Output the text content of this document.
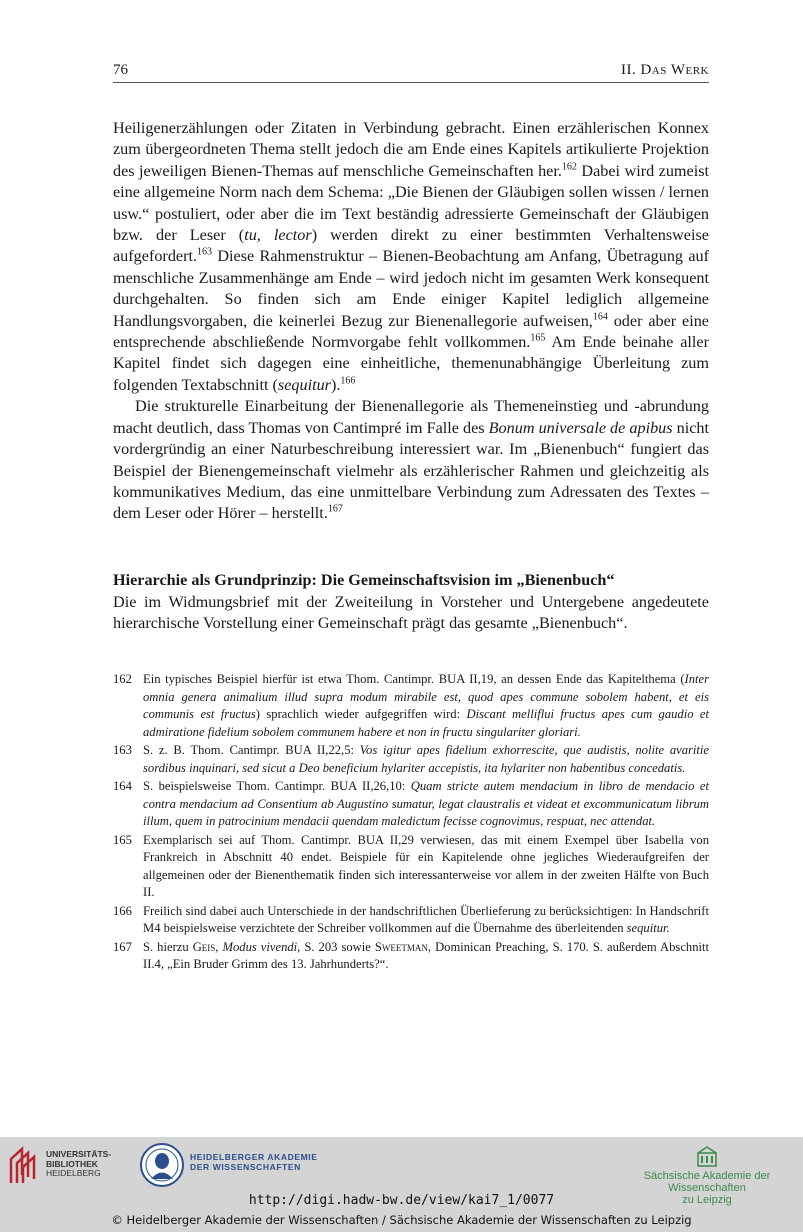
76	II. Das Werk

Heiligenerzählungen oder Zitaten in Verbindung gebracht. Einen erzählerischen Konnex zum übergeordneten Thema stellt jedoch die am Ende eines Kapitels artikulierte Projektion des jeweiligen Bienen-Themas auf menschliche Gemeinschaften her.$^{162}$ Dabei wird zumeist eine allgemeine Norm nach dem Schema: „Die Bienen der Gläubigen sollen wissen / lernen usw.“ postuliert, oder aber die im Text beständig adressierte Gemeinschaft der Gläubigen bzw. der Leser (tu, lector) werden direkt zu einer bestimmten Verhaltensweise aufgefordert.$^{163}$ Diese Rahmenstruktur – Bienen-Beobachtung am Anfang, Übetragung auf menschliche Zusammenhänge am Ende – wird jedoch nicht im gesamten Werk konsequent durchgehalten. So finden sich am Ende einiger Kapitel lediglich allgemeine Handlungsvorgaben, die keinerlei Bezug zur Bienenallegorie aufweisen,$^{164}$ oder aber eine entsprechende abschließende Normvorgabe fehlt vollkommen.$^{165}$ Am Ende beinahe aller Kapitel findet sich dagegen eine einheitliche, themenunabhängige Überleitung zum folgenden Textabschnitt (sequitur).$^{166}$

Die strukturelle Einarbeitung der Bienenallegorie als Themeneinstieg und -abrundung macht deutlich, dass Thomas von Cantimpré im Falle des Bonum universale de apibus nicht vordergründig an einer Naturbeschreibung interessiert war. Im „Bienenbuch“ fungiert das Beispiel der Bienengemeinschaft vielmehr als erzählerischer Rahmen und gleichzeitig als kommunikatives Medium, das eine unmittelbare Verbindung zum Adressaten des Textes – dem Leser oder Hörer – herstellt.$^{167}$

Hierarchie als Grundprinzip: Die Gemeinschaftsvision im „Bienenbuch“
Die im Widmungsbrief mit der Zweiteilung in Vorsteher und Untergebene angedeutete hierarchische Vorstellung einer Gemeinschaft prägt das gesamte „Bienenbuch“.
162 Ein typisches Beispiel hierfür ist etwa Thom. Cantimpr. BUA II,19, an dessen Ende das Kapitelthema (Inter omnia genera animalium illud supra modum mirabile est, quod apes commune sobolem habent, et eis communis est fructus) sprachlich wieder aufgegriffen wird: Discant melliflui fructus apes cum gaudio et admiratione fidelium sobolem communem habere et non in fructu singulariter gloriari.
163 S. z. B. Thom. Cantimpr. BUA II,22,5: Vos igitur apes fidelium exhorrescite, que audistis, nolite avaritie sordibus inquinari, sed sicut a Deo beneficium hylariter accepistis, ita hylariter non habentibus concedatis.
164 S. beispielsweise Thom. Cantimpr. BUA II,26,10: Quam stricte autem mendacium in libro de mendacio et contra mendacium ad Consentium ab Augustino sumatur, legat claustralis et videat et excommunicatum librum illum, quem in patrocinium mendacii quendam maledictum fecisse cognovimus, respuat, nec attendat.
165 Exemplarisch sei auf Thom. Cantimpr. BUA II,29 verwiesen, das mit einem Exempel über Isabella von Frankreich in Abschnitt 40 endet. Beispiele für ein Kapitelende ohne jegliches Wiederaufgreifen der allgemeinen oder der Bienenthematik finden sich interessanterweise vor allem in der zweiten Hälfte von Buch II.
166 Freilich sind dabei auch Unterschiede in der handschriftlichen Überlieferung zu berücksichtigen: In Handschrift M4 beispielsweise verzichtete der Schreiber vollkommen auf die Übernahme des überleitenden sequitur.
167 S. hierzu Geis, Modus vivendi, S. 203 sowie Sweetman, Dominican Preaching, S. 170. S. außerdem Abschnitt II.4, „Ein Bruder Grimm des 13. Jahrhunderts?“.
UNIVERSITÄTS-
BIBLIOTHEK
HEIDELBERG
HEIDELBERGER AKADEMIE
DER WISSENSCHAFTEN
Sächsische Akademie der Wissenschaften
zu Leipzig
http://digi.hadw-bw.de/view/kai7_1/0077
© Heidelberger Akademie der Wissenschaften / Sächsische Akademie der Wissenschaften zu Leipzig
